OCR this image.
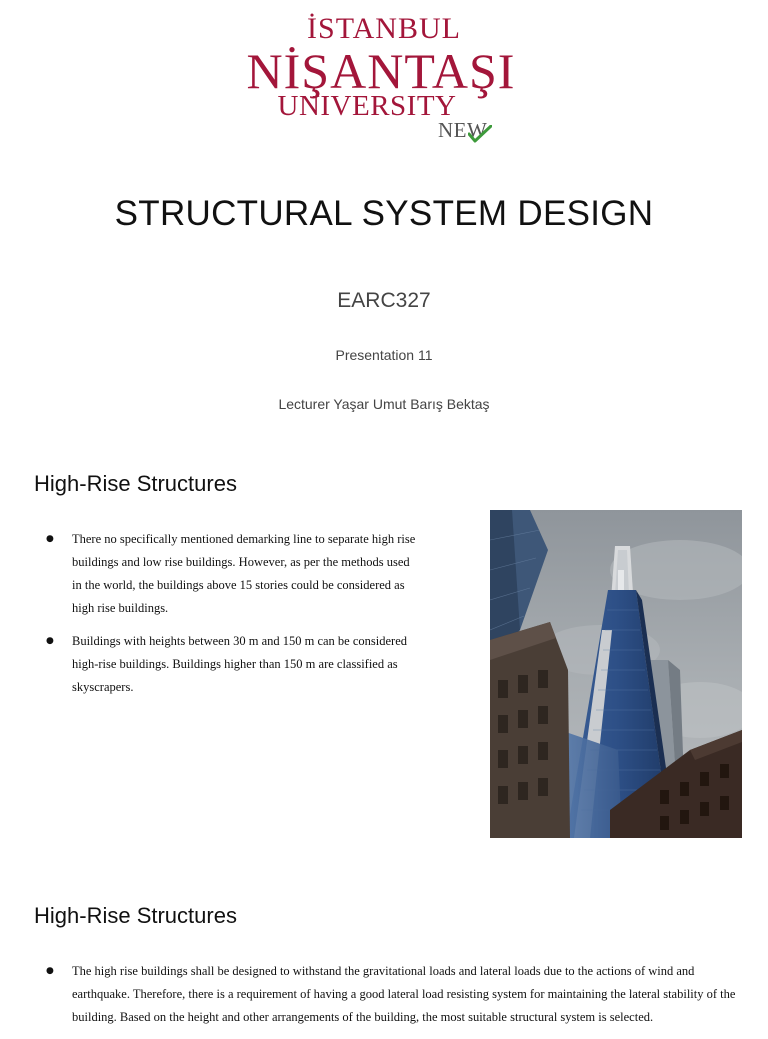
İSTANBUL
NİŞANTAŞI
UNIVERSITY
NEW
STRUCTURAL SYSTEM DESIGN
EARC327
Presentation 11
Lecturer Yaşar Umut Barış Bektaş
High-Rise Structures
● There no specifically mentioned demarking line to separate high rise buildings and low rise buildings. However, as per the methods used in the world, the buildings above 15 stories could be considered as high rise buildings.
● Buildings with heights between 30 m and 150 m can be considered high-rise buildings. Buildings higher than 150 m are classified as skyscrapers.
High-Rise Structures
● The high rise buildings shall be designed to withstand the gravitational loads and lateral loads due to the actions of wind and earthquake. Therefore, there is a requirement of having a good lateral load resisting system for maintaining the lateral stability of the building. Based on the height and other arrangements of the building, the most suitable structural system is selected.
